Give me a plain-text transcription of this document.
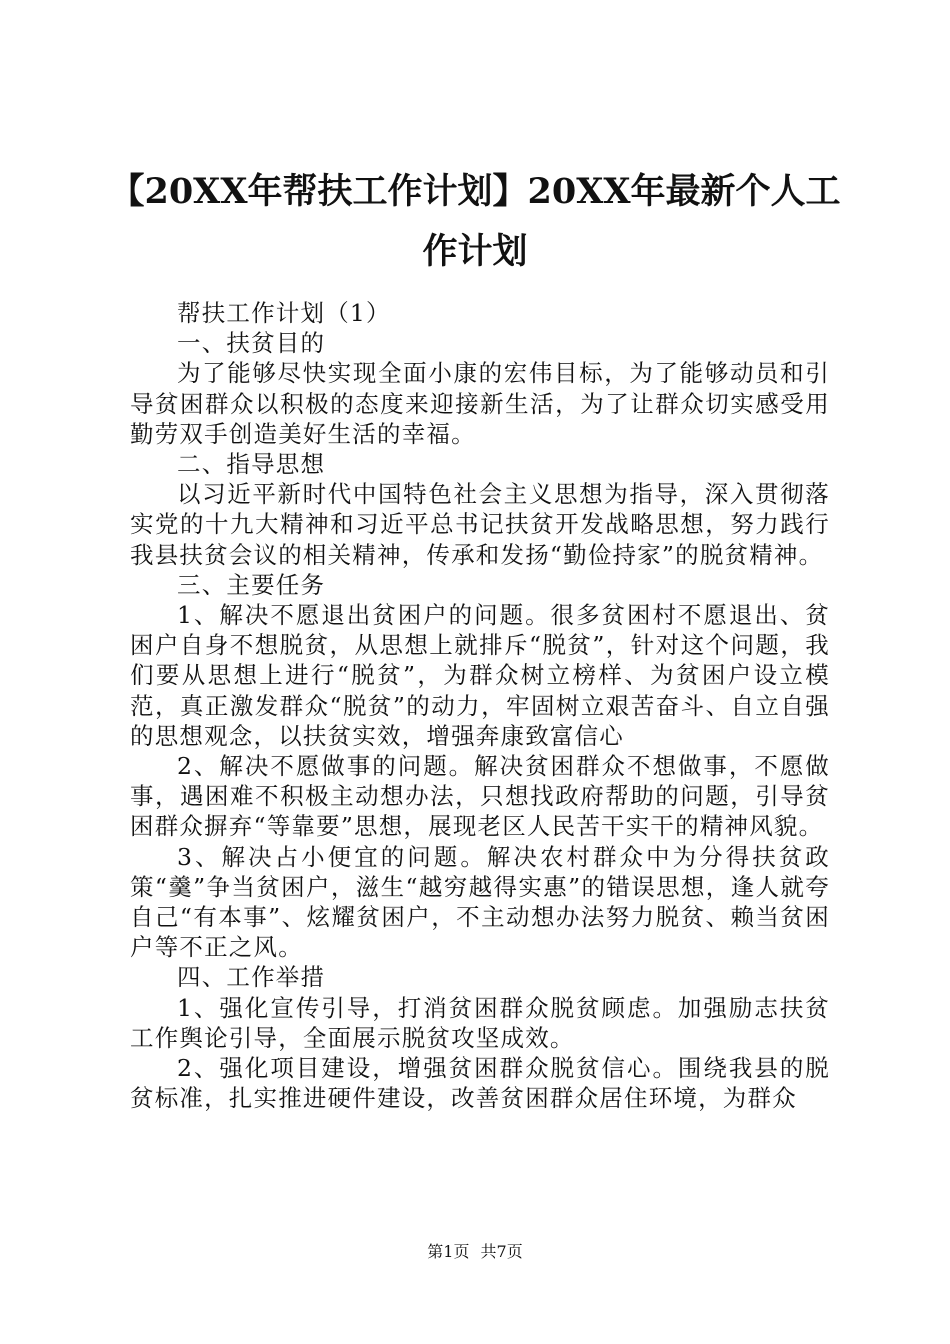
【20XX年帮扶工作计划】20XX年最新个人工作计划

帮扶工作计划（1）

一、扶贫目的

为了能够尽快实现全面小康的宏伟目标，为了能够动员和引导贫困群众以积极的态度来迎接新生活，为了让群众切实感受用勤劳双手创造美好生活的幸福。

二、指导思想

以习近平新时代中国特色社会主义思想为指导，深入贯彻落实党的十九大精神和习近平总书记扶贫开发战略思想，努力践行我县扶贫会议的相关精神，传承和发扬“勤俭持家”的脱贫精神。

三、主要任务

1、解决不愿退出贫困户的问题。很多贫困村不愿退出、贫困户自身不想脱贫，从思想上就排斥“脱贫”，针对这个问题，我们要从思想上进行“脱贫”，为群众树立榜样、为贫困户设立模范，真正激发群众“脱贫”的动力，牢固树立艰苦奋斗、自立自强的思想观念，以扶贫实效，增强奔康致富信心

2、解决不愿做事的问题。解决贫困群众不想做事，不愿做事，遇困难不积极主动想办法，只想找政府帮助的问题，引导贫困群众摒弃“等靠要”思想，展现老区人民苦干实干的精神风貌。

3、解决占小便宜的问题。解决农村群众中为分得扶贫政策“羹”争当贫困户，滋生“越穷越得实惠”的错误思想，逢人就夸自己“有本事”、炫耀贫困户，不主动想办法努力脱贫、赖当贫困户等不正之风。

四、工作举措

1、强化宣传引导，打消贫困群众脱贫顾虑。加强励志扶贫工作舆论引导，全面展示脱贫攻坚成效。

2、强化项目建设，增强贫困群众脱贫信心。围绕我县的脱贫标准，扎实推进硬件建设，改善贫困群众居住环境，为群众

第1页 共7页
